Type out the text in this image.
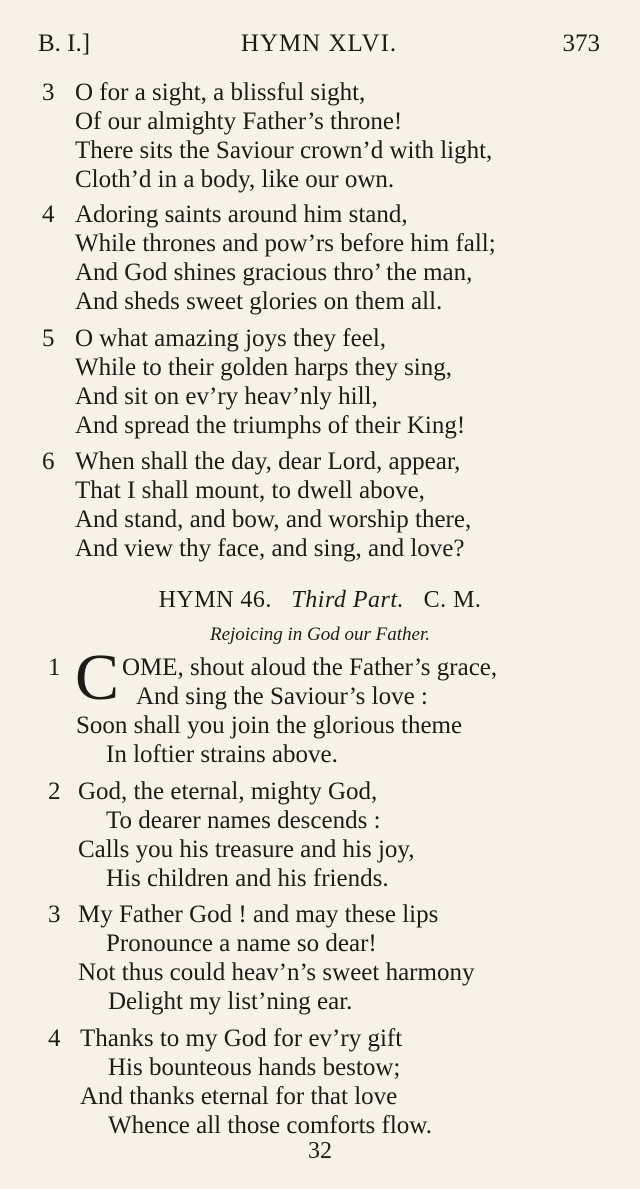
B. I.]	HYMN XLVI.	373
3 O for a sight, a blissful sight,
Of our almighty Father’s throne!
There sits the Saviour crown’d with light,
Cloth’d in a body, like our own.
4 Adoring saints around him stand,
While thrones and pow’rs before him fall;
And God shines gracious thro’ the man,
And sheds sweet glories on them all.
5 O what amazing joys they feel,
While to their golden harps they sing,
And sit on ev’ry heav’nly hill,
And spread the triumphs of their King!
6 When shall the day, dear Lord, appear,
That I shall mount, to dwell above,
And stand, and bow, and worship there,
And view thy face, and sing, and love?
HYMN 46. Third Part. C. M.
Rejoicing in God our Father.
1 C OME, shout aloud the Father’s grace,
And sing the Saviour’s love :
Soon shall you join the glorious theme
In loftier strains above.
2 God, the eternal, mighty God,
To dearer names descends :
Calls you his treasure and his joy,
His children and his friends.
3 My Father God ! and may these lips
Pronounce a name so dear!
Not thus could heav’n’s sweet harmony
Delight my list’ning ear.
4 Thanks to my God for ev’ry gift
His bounteous hands bestow;
And thanks eternal for that love
Whence all those comforts flow.
32
